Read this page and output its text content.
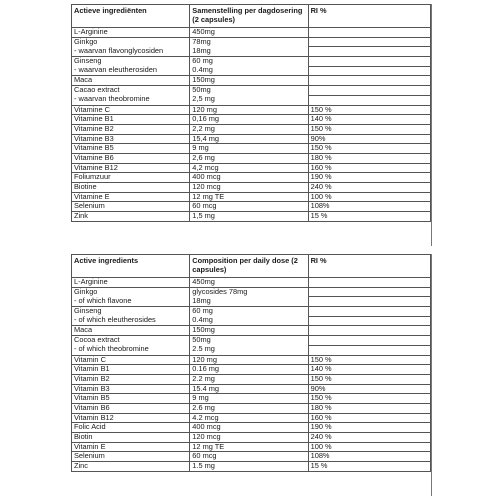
Actieve ingrediënten	Samenstelling per dagdosering (2 capsules)	RI %
L-Arginine	450mg	
Ginkgo	78mg	
- waarvan flavonglycosiden	18mg	
Ginseng	60 mg	
- waarvan eleutherosiden	0.4mg	
Maca	150mg	
Cacao extract	50mg	
- waarvan theobromine	2,5 mg	
Vitamine C	120 mg	150 %
Vitamine B1	0,16 mg	140 %
Vitamine B2	2,2 mg	150 %
Vitamine B3	15,4 mg	90%
Vitamine B5	9 mg	150 %
Vitamine B6	2,6 mg	180 %
Vitamine B12	4,2 mcg	160 %
Foliumzuur	400 mcg	190 %
Biotine	120 mcg	240 %
Vitamine E	12 mg TE	100 %
Selenium	60 mcg	108%
Zink	1,5 mg	15 %
Active ingredients	Composition per daily dose (2 capsules)	RI %
L-Arginine	450mg	
Ginkgo	glycosides 78mg	
- of which flavone	18mg	
Ginseng	60 mg	
- of which eleutherosides	0.4mg	
Maca	150mg	
Cocoa extract	50mg	
- of which theobromine	2.5 mg	
Vitamin C	120 mg	150 %
Vitamin B1	0.16 mg	140 %
Vitamin B2	2.2 mg	150 %
Vitamin B3	15.4 mg	90%
Vitamin B5	9 mg	150 %
Vitamin B6	2.6 mg	180 %
Vitamin B12	4.2 mcg	160 %
Folic Acid	400 mcg	190 %
Biotin	120 mcg	240 %
Vitamin E	12 mg TE	100 %
Selenium	60 mcg	108%
Zinc	1.5 mg	15 %
